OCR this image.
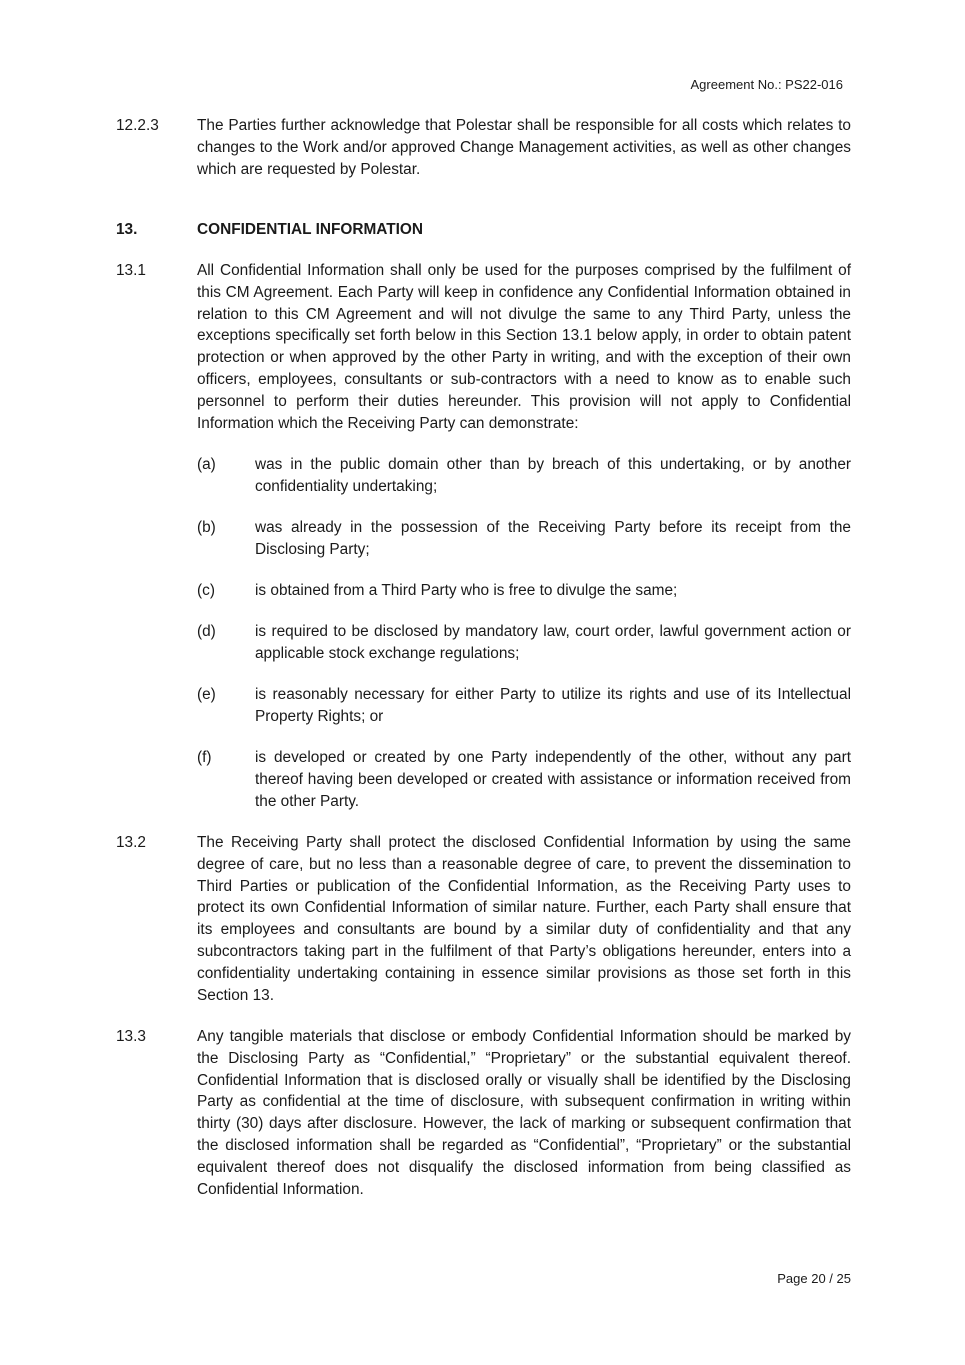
Agreement No.: PS22-016
12.2.3	The Parties further acknowledge that Polestar shall be responsible for all costs which relates to changes to the Work and/or approved Change Management activities, as well as other changes which are requested by Polestar.
13.	CONFIDENTIAL INFORMATION
13.1	All Confidential Information shall only be used for the purposes comprised by the fulfilment of this CM Agreement. Each Party will keep in confidence any Confidential Information obtained in relation to this CM Agreement and will not divulge the same to any Third Party, unless the exceptions specifically set forth below in this Section 13.1 below apply, in order to obtain patent protection or when approved by the other Party in writing, and with the exception of their own officers, employees, consultants or sub-contractors with a need to know as to enable such personnel to perform their duties hereunder. This provision will not apply to Confidential Information which the Receiving Party can demonstrate:
(a)	was in the public domain other than by breach of this undertaking, or by another confidentiality undertaking;
(b)	was already in the possession of the Receiving Party before its receipt from the Disclosing Party;
(c)	is obtained from a Third Party who is free to divulge the same;
(d)	is required to be disclosed by mandatory law, court order, lawful government action or applicable stock exchange regulations;
(e)	is reasonably necessary for either Party to utilize its rights and use of its Intellectual Property Rights; or
(f)	is developed or created by one Party independently of the other, without any part thereof having been developed or created with assistance or information received from the other Party.
13.2	The Receiving Party shall protect the disclosed Confidential Information by using the same degree of care, but no less than a reasonable degree of care, to prevent the dissemination to Third Parties or publication of the Confidential Information, as the Receiving Party uses to protect its own Confidential Information of similar nature. Further, each Party shall ensure that its employees and consultants are bound by a similar duty of confidentiality and that any subcontractors taking part in the fulfilment of that Party’s obligations hereunder, enters into a confidentiality undertaking containing in essence similar provisions as those set forth in this Section 13.
13.3	Any tangible materials that disclose or embody Confidential Information should be marked by the Disclosing Party as “Confidential,” “Proprietary” or the substantial equivalent thereof. Confidential Information that is disclosed orally or visually shall be identified by the Disclosing Party as confidential at the time of disclosure, with subsequent confirmation in writing within thirty (30) days after disclosure. However, the lack of marking or subsequent confirmation that the disclosed information shall be regarded as “Confidential”, “Proprietary” or the substantial equivalent thereof does not disqualify the disclosed information from being classified as Confidential Information.
Page 20 / 25
